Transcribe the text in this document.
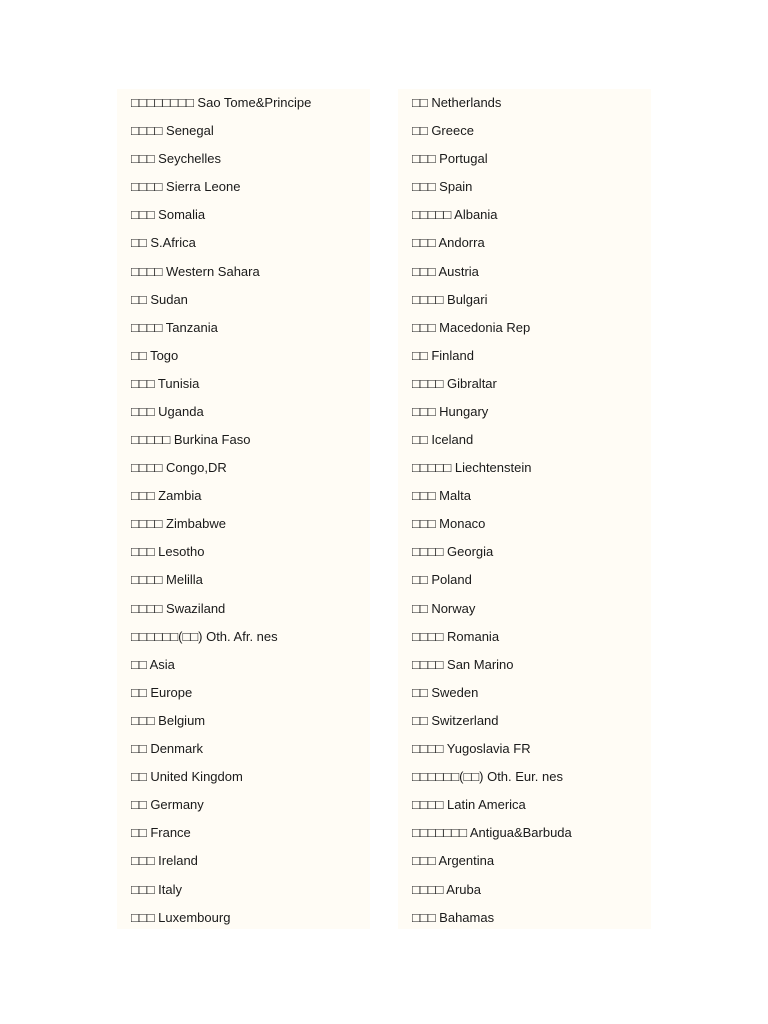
□□□□□□□□ Sao Tome&Principe
□□□□ Senegal
□□□ Seychelles
□□□□ Sierra Leone
□□□ Somalia
□□ S.Africa
□□□□ Western Sahara
□□ Sudan
□□□□ Tanzania
□□ Togo
□□□ Tunisia
□□□ Uganda
□□□□□ Burkina Faso
□□□□ Congo,DR
□□□ Zambia
□□□□ Zimbabwe
□□□ Lesotho
□□□□ Melilla
□□□□ Swaziland
□□□□□□(□□) Oth. Afr. nes
□□ Asia
□□ Europe
□□□ Belgium
□□ Denmark
□□ United Kingdom
□□ Germany
□□ France
□□□ Ireland
□□□ Italy
□□□ Luxembourg
□□ Netherlands
□□ Greece
□□□ Portugal
□□□ Spain
□□□□□ Albania
□□□ Andorra
□□□ Austria
□□□□ Bulgari
□□□ Macedonia Rep
□□ Finland
□□□□ Gibraltar
□□□ Hungary
□□ Iceland
□□□□□ Liechtenstein
□□□ Malta
□□□ Monaco
□□□□ Georgia
□□ Poland
□□ Norway
□□□□ Romania
□□□□ San Marino
□□ Sweden
□□ Switzerland
□□□□ Yugoslavia FR
□□□□□□(□□) Oth. Eur. nes
□□□□ Latin America
□□□□□□□ Antigua&Barbuda
□□□ Argentina
□□□□ Aruba
□□□ Bahamas
